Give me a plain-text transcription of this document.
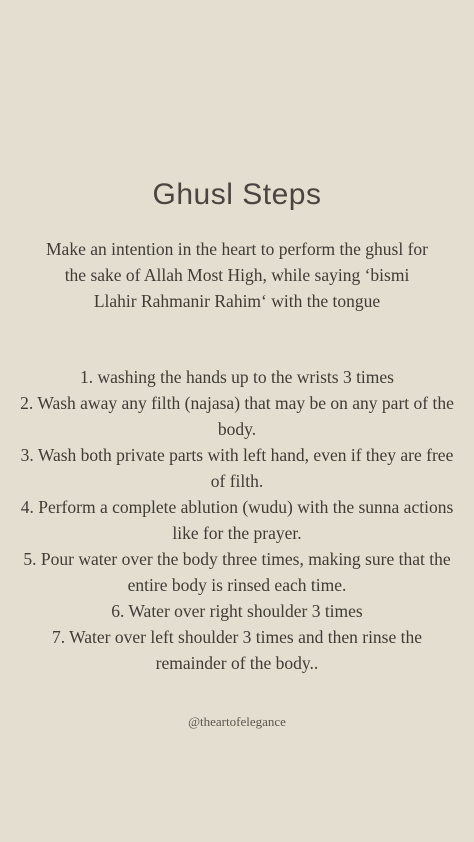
Ghusl Steps
Make an intention in the heart to perform the ghusl for the sake of Allah Most High, while saying ‘bismi Llahir Rahmanir Rahim‘ with the tongue
1. washing the hands up to the wrists 3 times
2. Wash away any filth (najasa) that may be on any part of the body.
3. Wash both private parts with left hand, even if they are free of filth.
4. Perform a complete ablution (wudu) with the sunna actions like for the prayer.
5. Pour water over the body three times, making sure that the entire body is rinsed each time.
6. Water over right shoulder 3 times
7. Water over left shoulder 3 times and then rinse the remainder of the body..
@theartofelegance
